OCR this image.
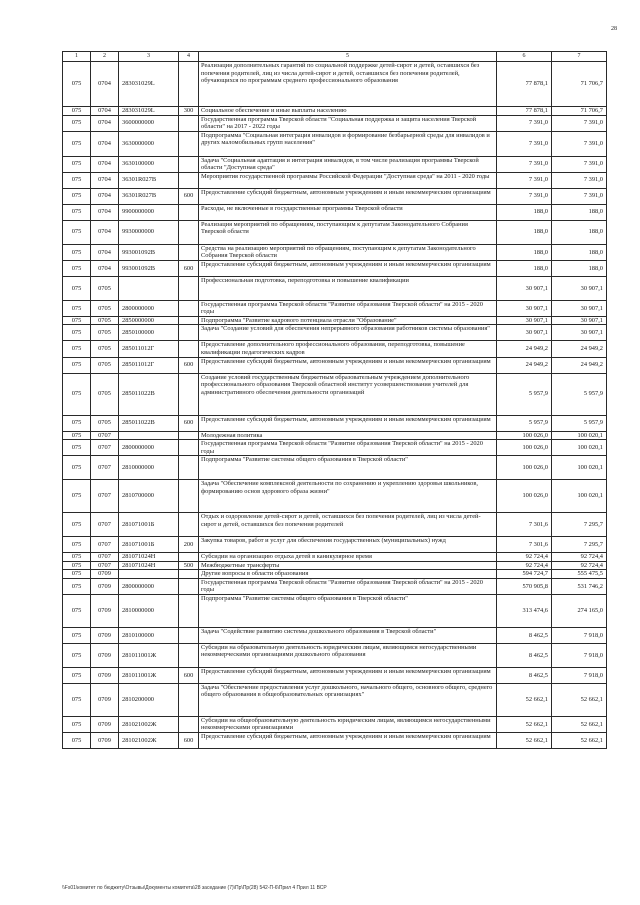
28
1	2	3	4	5	6	7
075	0704	283031029L		Реализация дополнительных гарантий по социальной поддержке детей-сирот и детей, оставшихся без попечения родителей, лиц из числа детей-сирот и детей, оставшихся без попечения родителей, обучающихся по программам среднего профессионального образования	77 878,1	71 706,7
075	0704	283031029L	300	Социальное обеспечение и иные выплаты населению	77 878,1	71 706,7
075	0704	3600000000		Государственная программа Тверской области "Социальная поддержка и защита населения Тверской области" на 2017 - 2022 годы	7 391,0	7 391,0
075	0704	3630000000		Подпрограмма "Социальная интеграция инвалидов и формирование безбарьерной среды для инвалидов и других маломобильных групп населения"	7 391,0	7 391,0
075	0704	3630100000		Задача "Социальная адаптация и интеграция инвалидов, в том числе реализация программы Тверской области "Доступная среда"	7 391,0	7 391,0
075	0704	36301R027B		Мероприятия государственной программы Российской Федерации "Доступная среда" на 2011 - 2020 годы	7 391,0	7 391,0
075	0704	36301R027B	600	Предоставление субсидий бюджетным, автономным учреждениям и иным некоммерческим организациям	7 391,0	7 391,0
075	0704	9900000000		Расходы, не включенные в государственные программы Тверской области	188,0	188,0
075	0704	9930000000		Реализация мероприятий по обращениям, поступающим к депутатам Законодательного Собрания Тверской области	188,0	188,0
075	0704	993001092B		Средства на реализацию мероприятий по обращениям, поступающим к депутатам Законодательного Собрания Тверской области	188,0	188,0
075	0704	993001092B	600	Предоставление субсидий бюджетным, автономным учреждениям и иным некоммерческим организациям	188,0	188,0
075	0705			Профессиональная подготовка, переподготовка и повышение квалификации	30 907,1	30 907,1
075	0705	2800000000		Государственная программа Тверской области "Развитие образования Тверской области" на 2015 - 2020 годы	30 907,1	30 907,1
075	0705	2850000000		Подпрограмма "Развитие кадрового потенциала отрасли "Образование"	30 907,1	30 907,1
075	0705	2850100000		Задача "Создание условий для обеспечения непрерывного образования работников системы образования"	30 907,1	30 907,1
075	0705	285011012Г		Предоставление дополнительного профессионального образования, переподготовка, повышение квалификации педагогических кадров	24 949,2	24 949,2
075	0705	285011012Г	600	Предоставление субсидий бюджетным, автономным учреждениям и иным некоммерческим организациям	24 949,2	24 949,2
075	0705	285011022В		Создание условий государственным бюджетным образовательным учреждением дополнительного профессионального образования Тверской областной институт усовершенствования учителей для административного обеспечения деятельности организаций	5 957,9	5 957,9
075	0705	285011022В	600	Предоставление субсидий бюджетным, автономным учреждениям и иным некоммерческим организациям	5 957,9	5 957,9
075	0707			Молодежная политика	100 026,0	100 020,1
075	0707	2800000000		Государственная программа Тверской области "Развитие образования Тверской области" на 2015 - 2020 годы	100 026,0	100 020,1
075	0707	2810000000		Подпрограмма "Развитие системы общего образования в Тверской области"	100 026,0	100 020,1
075	0707	2810700000		Задача "Обеспечение комплексной деятельности по сохранению и укреплению здоровья школьников, формированию основ здорового образа жизни"	100 026,0	100 020,1
075	0707	281071001Б		Отдых и оздоровление детей-сирот и детей, оставшихся без попечения родителей, лиц из числа детей-сирот и детей, оставшихся без попечения родителей	7 301,6	7 295,7
075	0707	281071001Б	200	Закупка товаров, работ и услуг для обеспечения государственных (муниципальных) нужд	7 301,6	7 295,7
075	0707	281071024Н		Субсидии на организацию отдыха детей в каникулярное время	92 724,4	92 724,4
075	0707	281071024Н	500	Межбюджетные трансферты	92 724,4	92 724,4
075	0709			Другие вопросы в области образования	594 724,7	555 475,5
075	0709	2800000000		Государственная программа Тверской области "Развитие образования Тверской области" на 2015 - 2020 годы	570 905,8	531 746,2
075	0709	2810000000		Подпрограмма "Развитие системы общего образования в Тверской области"	313 474,6	274 165,0
075	0709	2810100000		Задача "Содействие развитию системы дошкольного образования в Тверской области"	8 462,5	7 918,0
075	0709	281011001Ж		Субсидии на образовательную деятельность юридическим лицам, являющимся негосударственными некоммерческими организациями дошкольного образования	8 462,5	7 918,0
075	0709	281011001Ж	600	Предоставление субсидий бюджетным, автономным учреждениям и иным некоммерческим организациям	8 462,5	7 918,0
075	0709	2810200000		Задача "Обеспечение предоставления услуг дошкольного, начального общего, основного общего, среднего общего образования в общеобразовательных организациях"	52 662,1	52 662,1
075	0709	281021002Ж		Субсидии на общеобразовательную деятельность юридическим лицам, являющимся негосударственными некоммерческими организациями	52 662,1	52 662,1
075	0709	281021002Ж	600	Предоставление субсидий бюджетным, автономным учреждениям и иным некоммерческим организациям	52 662,1	52 662,1
\\Fs01\комитет по бюджету\Отзывы\Документы комитета\28 заседание (7)\Пр\Пр(28) 542-П-6\Прил 4 Прил 11 ВСР
